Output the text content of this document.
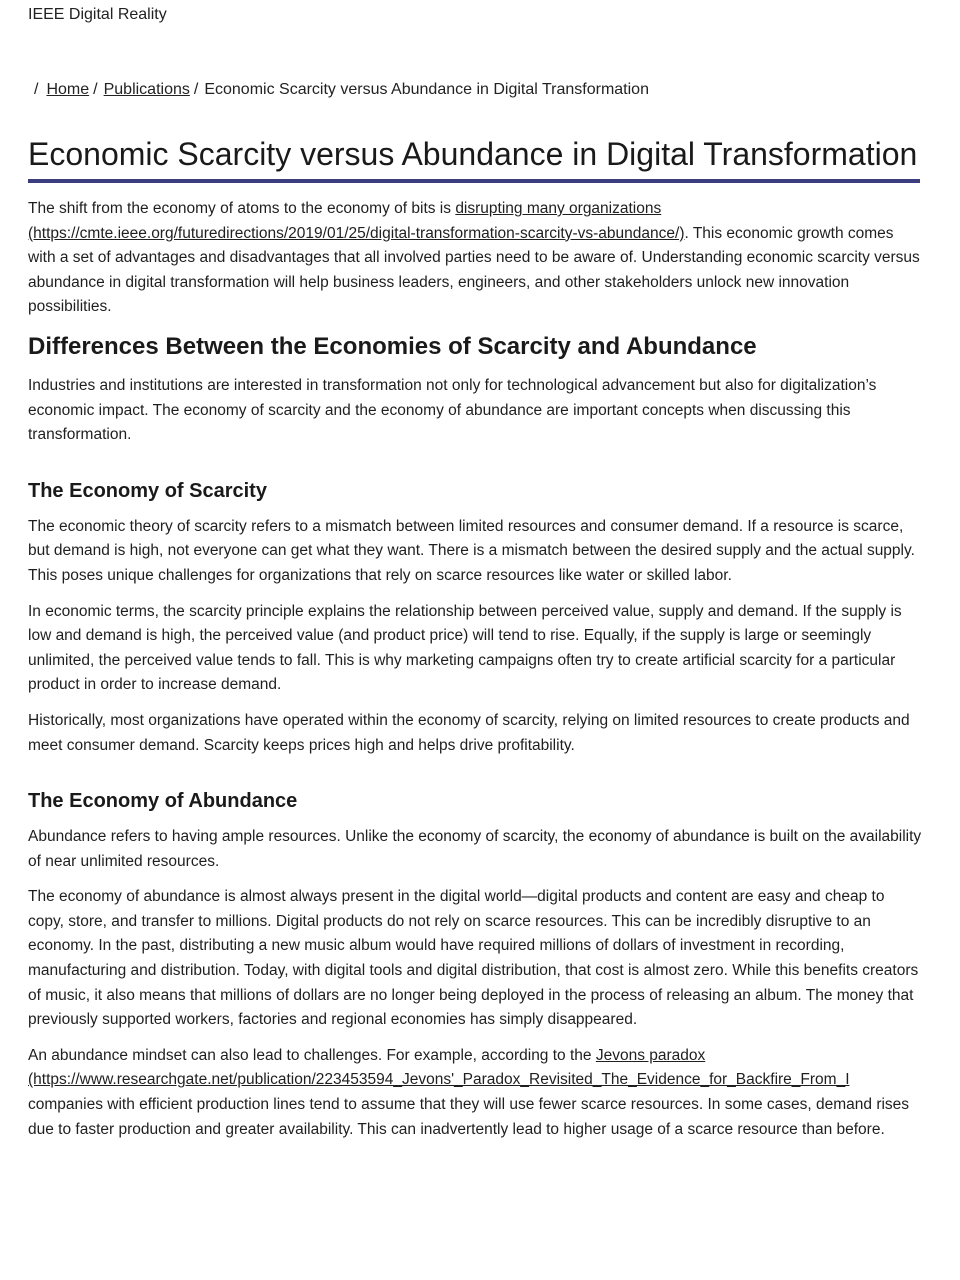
IEEE Digital Reality
/ Home / Publications / Economic Scarcity versus Abundance in Digital Transformation
Economic Scarcity versus Abundance in Digital Transformation

The shift from the economy of atoms to the economy of bits is disrupting many organizations
(https://cmte.ieee.org/futuredirections/2019/01/25/digital-transformation-scarcity-vs-abundance/). This economic growth comes with a set of advantages and disadvantages that all involved parties need to be aware of. Understanding economic scarcity versus abundance in digital transformation will help business leaders, engineers, and other stakeholders unlock new innovation possibilities.

Differences Between the Economies of Scarcity and Abundance

Industries and institutions are interested in transformation not only for technological advancement but also for digitalization’s economic impact. The economy of scarcity and the economy of abundance are important concepts when discussing this transformation.

The Economy of Scarcity

The economic theory of scarcity refers to a mismatch between limited resources and consumer demand. If a resource is scarce, but demand is high, not everyone can get what they want. There is a mismatch between the desired supply and the actual supply. This poses unique challenges for organizations that rely on scarce resources like water or skilled labor.

In economic terms, the scarcity principle explains the relationship between perceived value, supply and demand. If the supply is low and demand is high, the perceived value (and product price) will tend to rise. Equally, if the supply is large or seemingly unlimited, the perceived value tends to fall. This is why marketing campaigns often try to create artificial scarcity for a particular product in order to increase demand.

Historically, most organizations have operated within the economy of scarcity, relying on limited resources to create products and meet consumer demand. Scarcity keeps prices high and helps drive profitability.

The Economy of Abundance

Abundance refers to having ample resources. Unlike the economy of scarcity, the economy of abundance is built on the availability of near unlimited resources.

The economy of abundance is almost always present in the digital world—digital products and content are easy and cheap to copy, store, and transfer to millions. Digital products do not rely on scarce resources. This can be incredibly disruptive to an economy. In the past, distributing a new music album would have required millions of dollars of investment in recording, manufacturing and distribution. Today, with digital tools and digital distribution, that cost is almost zero. While this benefits creators of music, it also means that millions of dollars are no longer being deployed in the process of releasing an album. The money that previously supported workers, factories and regional economies has simply disappeared.

An abundance mindset can also lead to challenges. For example, according to the Jevons paradox
(https://www.researchgate.net/publication/223453594_Jevons'_Paradox_Revisited_The_Evidence_for_Backfire_From_I
companies with efficient production lines tend to assume that they will use fewer scarce resources. In some cases, demand rises due to faster production and greater availability. This can inadvertently lead to higher usage of a scarce resource than before.
